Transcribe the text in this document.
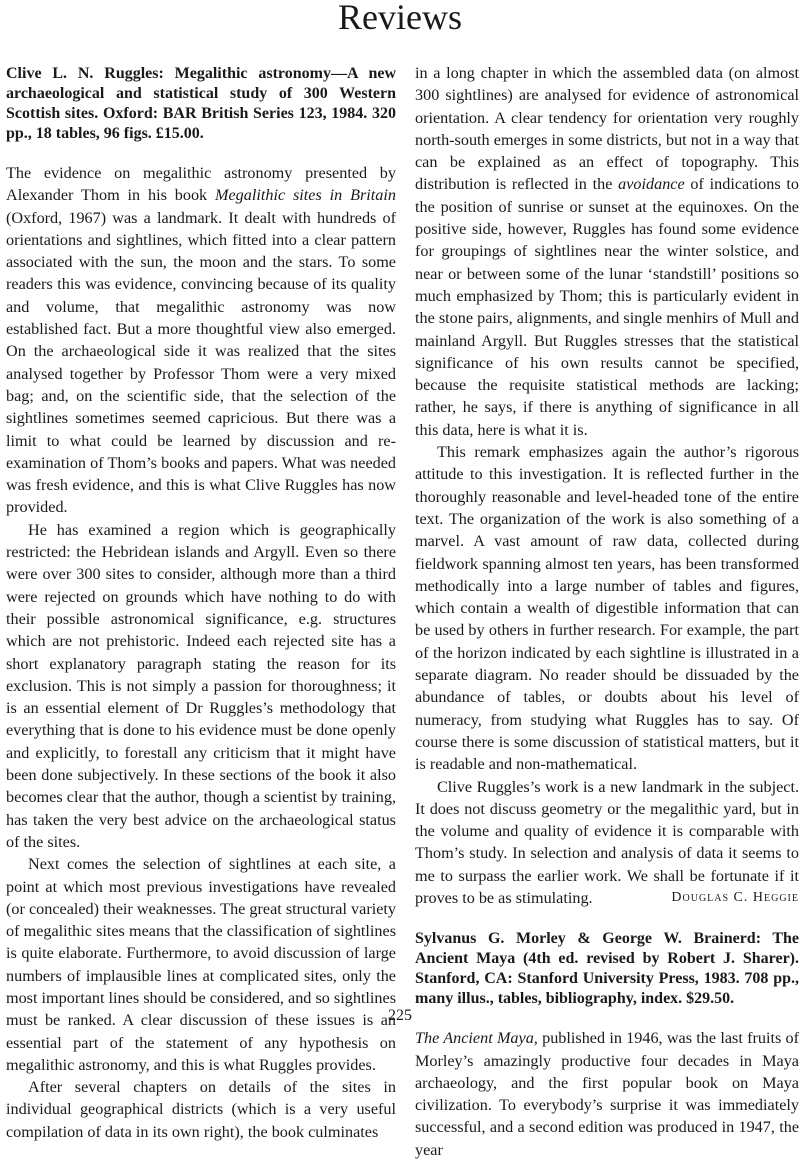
Reviews

Clive L. N. Ruggles: Megalithic astronomy—A new archaeological and statistical study of 300 Western Scottish sites. Oxford: BAR British Series 123, 1984. 320 pp., 18 tables, 96 figs. £15.00.

The evidence on megalithic astronomy presented by Alexander Thom in his book Megalithic sites in Britain (Oxford, 1967) was a landmark. It dealt with hundreds of orientations and sightlines, which fitted into a clear pattern associated with the sun, the moon and the stars. To some readers this was evidence, convincing because of its quality and volume, that megalithic astronomy was now established fact. But a more thoughtful view also emerged. On the archaeological side it was realized that the sites analysed together by Professor Thom were a very mixed bag; and, on the scientific side, that the selection of the sightlines sometimes seemed capricious. But there was a limit to what could be learned by discussion and re-examination of Thom’s books and papers. What was needed was fresh evidence, and this is what Clive Ruggles has now provided.

He has examined a region which is geographically restricted: the Hebridean islands and Argyll. Even so there were over 300 sites to consider, although more than a third were rejected on grounds which have nothing to do with their possible astronomical significance, e.g. structures which are not prehistoric. Indeed each rejected site has a short explanatory paragraph stating the reason for its exclusion. This is not simply a passion for thoroughness; it is an essential element of Dr Ruggles’s methodology that everything that is done to his evidence must be done openly and explicitly, to forestall any criticism that it might have been done subjectively. In these sections of the book it also becomes clear that the author, though a scientist by training, has taken the very best advice on the archaeological status of the sites.

Next comes the selection of sightlines at each site, a point at which most previous investigations have revealed (or concealed) their weaknesses. The great structural variety of megalithic sites means that the classification of sightlines is quite elaborate. Furthermore, to avoid discussion of large numbers of implausible lines at complicated sites, only the most important lines should be considered, and so sightlines must be ranked. A clear discussion of these issues is an essential part of the statement of any hypothesis on megalithic astronomy, and this is what Ruggles provides.

After several chapters on details of the sites in individual geographical districts (which is a very useful compilation of data in its own right), the book culminates

in a long chapter in which the assembled data (on almost 300 sightlines) are analysed for evidence of astronomical orientation. A clear tendency for orientation very roughly north-south emerges in some districts, but not in a way that can be explained as an effect of topography. This distribution is reflected in the avoidance of indications to the position of sunrise or sunset at the equinoxes. On the positive side, however, Ruggles has found some evidence for groupings of sightlines near the winter solstice, and near or between some of the lunar ‘standstill’ positions so much emphasized by Thom; this is particularly evident in the stone pairs, alignments, and single menhirs of Mull and mainland Argyll. But Ruggles stresses that the statistical significance of his own results cannot be specified, because the requisite statistical methods are lacking; rather, he says, if there is anything of significance in all this data, here is what it is.

This remark emphasizes again the author’s rigorous attitude to this investigation. It is reflected further in the thoroughly reasonable and level-headed tone of the entire text. The organization of the work is also something of a marvel. A vast amount of raw data, collected during fieldwork spanning almost ten years, has been transformed methodically into a large number of tables and figures, which contain a wealth of digestible information that can be used by others in further research. For example, the part of the horizon indicated by each sightline is illustrated in a separate diagram. No reader should be dissuaded by the abundance of tables, or doubts about his level of numeracy, from studying what Ruggles has to say. Of course there is some discussion of statistical matters, but it is readable and non-mathematical.

Clive Ruggles’s work is a new landmark in the subject. It does not discuss geometry or the megalithic yard, but in the volume and quality of evidence it is comparable with Thom’s study. In selection and analysis of data it seems to me to surpass the earlier work. We shall be fortunate if it proves to be as stimulating.	Douglas C. Heggie

Sylvanus G. Morley & George W. Brainerd: The Ancient Maya (4th ed. revised by Robert J. Sharer). Stanford, CA: Stanford University Press, 1983. 708 pp., many illus., tables, bibliography, index. $29.50.

The Ancient Maya, published in 1946, was the last fruits of Morley’s amazingly productive four decades in Maya archaeology, and the first popular book on Maya civilization. To everybody’s surprise it was immediately successful, and a second edition was produced in 1947, the year

225
